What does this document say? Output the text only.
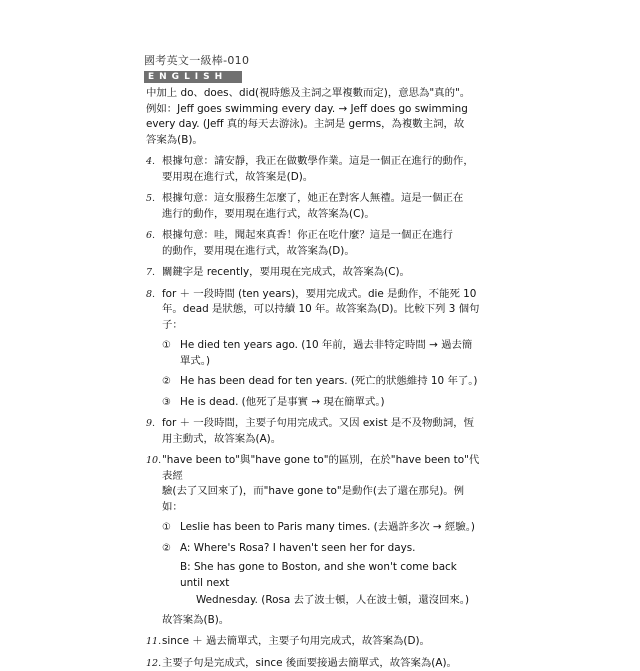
國考英文一級棒-010
ENGLISH
中加上 do、does、did(視時態及主詞之單複數而定)，意思為"真的"。
例如：Jeff goes swimming every day. → Jeff does go swimming
every day. (Jeff 真的每天去游泳)。主詞是 germs，為複數主詞，故
答案為(B)。
4. 根據句意：請安靜，我正在做數學作業。這是一個正在進行的動作，
要用現在進行式，故答案是(D)。
5. 根據句意：這女服務生怎麼了，她正在對客人無禮。這是一個正在
進行的動作，要用現在進行式，故答案為(C)。
6. 根據句意：哇，聞起來真香！你正在吃什麼？這是一個正在進行
的動作，要用現在進行式，故答案為(D)。
7. 關鍵字是 recently，要用現在完成式，故答案為(C)。
8. for ＋ 一段時間 (ten years)，要用完成式。die 是動作，不能死 10
年。dead 是狀態，可以持續 10 年。故答案為(D)。比較下列 3 個句
子：
① He died ten years ago. (10 年前，過去非特定時間 → 過去簡
單式。)
② He has been dead for ten years. (死亡的狀態維持 10 年了。)
③ He is dead. (他死了是事實 → 現在簡單式。)
9. for ＋ 一段時間，主要子句用完成式。又因 exist 是不及物動詞，恆
用主動式，故答案為(A)。
10. "have been to"與"have gone to"的區別，在於"have been to"代表經
驗(去了又回來了)，而"have gone to"是動作(去了還在那兒)。例如：
① Leslie has been to Paris many times. (去過許多次 → 經驗。)
② A: Where's Rosa? I haven't seen her for days.
B: She has gone to Boston, and she won't come back until next
Wednesday. (Rosa 去了波士頓，人在波士頓，還沒回來。)
故答案為(B)。
11. since ＋ 過去簡單式，主要子句用完成式，故答案為(D)。
12. 主要子句是完成式，since 後面要接過去簡單式，故答案為(A)。
